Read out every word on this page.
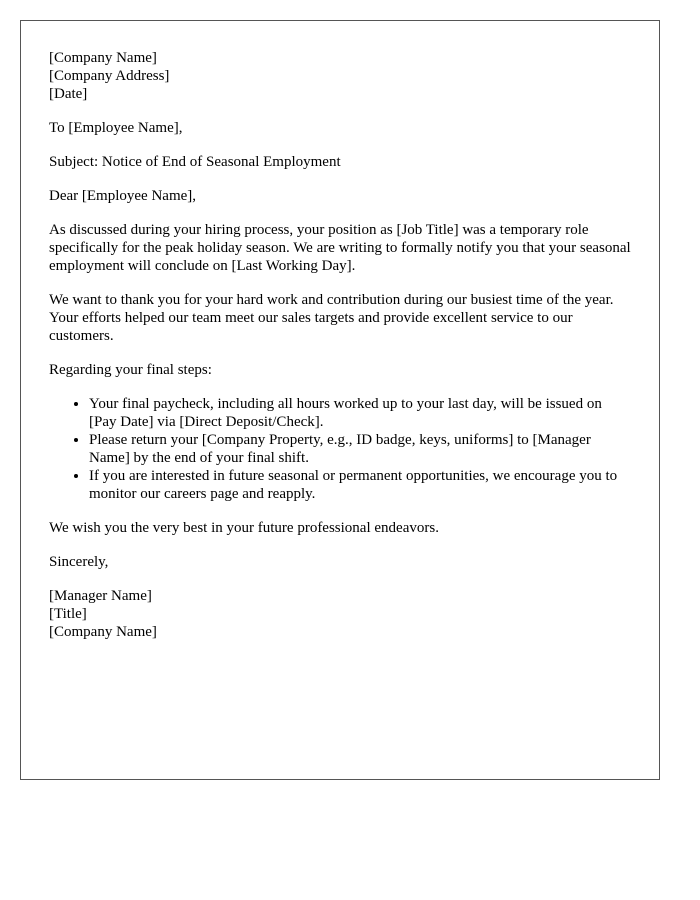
[Company Name]
[Company Address]
[Date]

To [Employee Name],

Subject: Notice of End of Seasonal Employment

Dear [Employee Name],

As discussed during your hiring process, your position as [Job Title] was a temporary role specifically for the peak holiday season. We are writing to formally notify you that your seasonal employment will conclude on [Last Working Day].

We want to thank you for your hard work and contribution during our busiest time of the year. Your efforts helped our team meet our sales targets and provide excellent service to our customers.

Regarding your final steps:

• Your final paycheck, including all hours worked up to your last day, will be issued on [Pay Date] via [Direct Deposit/Check].
• Please return your [Company Property, e.g., ID badge, keys, uniforms] to [Manager Name] by the end of your final shift.
• If you are interested in future seasonal or permanent opportunities, we encourage you to monitor our careers page and reapply.

We wish you the very best in your future professional endeavors.

Sincerely,

[Manager Name]
[Title]
[Company Name]
